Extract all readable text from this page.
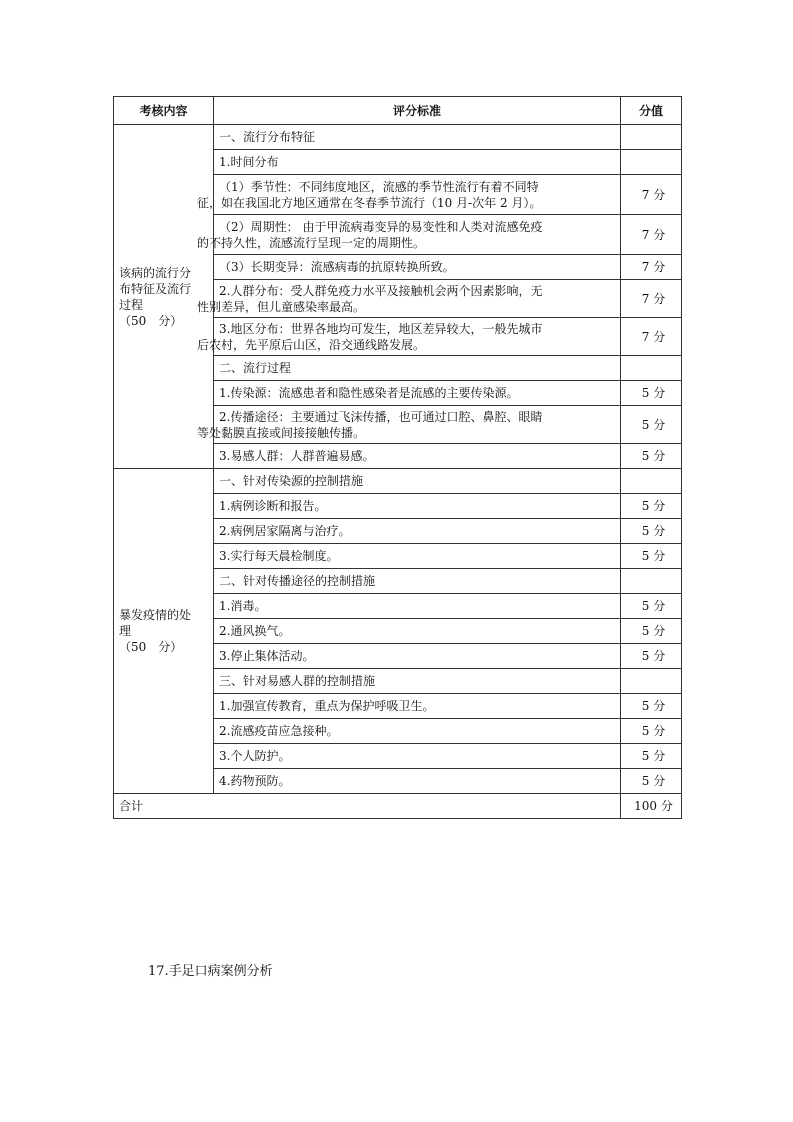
考核内容	评分标准	分值

该病的流行分
布特征及流行
过程
（50　分）	一、流行分布特征	

	1.时间分布	

	（1）季节性：不同纬度地区，流感的季节性流行有着不同特
征，如在我国北方地区通常在冬春季节流行（10 月-次年 2 月）。	7 分

	（2）周期性： 由于甲流病毒变异的易变性和人类对流感免疫
的不持久性，流感流行呈现一定的周期性。	7 分

	（3）长期变异：流感病毒的抗原转换所致。	7 分

	2.人群分布：受人群免疫力水平及接触机会两个因素影响，无
性别差异，但儿童感染率最高。	7 分

	3.地区分布：世界各地均可发生，地区差异较大，一般先城市
后农村，先平原后山区，沿交通线路发展。	7 分

	二、流行过程	

	1.传染源：流感患者和隐性感染者是流感的主要传染源。	5 分

	2.传播途径：主要通过飞沫传播，也可通过口腔、鼻腔、眼睛
等处黏膜直接或间接接触传播。	5 分

	3.易感人群：人群普遍易感。	5 分

暴发疫情的处
理
（50　分）	一、针对传染源的控制措施	

	1.病例诊断和报告。	5 分

	2.病例居家隔离与治疗。	5 分

	3.实行每天晨检制度。	5 分

	二、针对传播途径的控制措施	

	1.消毒。	5 分

	2.通风换气。	5 分

	3.停止集体活动。	5 分

	三、针对易感人群的控制措施	

	1.加强宣传教育，重点为保护呼吸卫生。	5 分

	2.流感疫苗应急接种。	5 分

	3.个人防护。	5 分

	4.药物预防。	5 分
合计		100 分
17.手足口病案例分析
